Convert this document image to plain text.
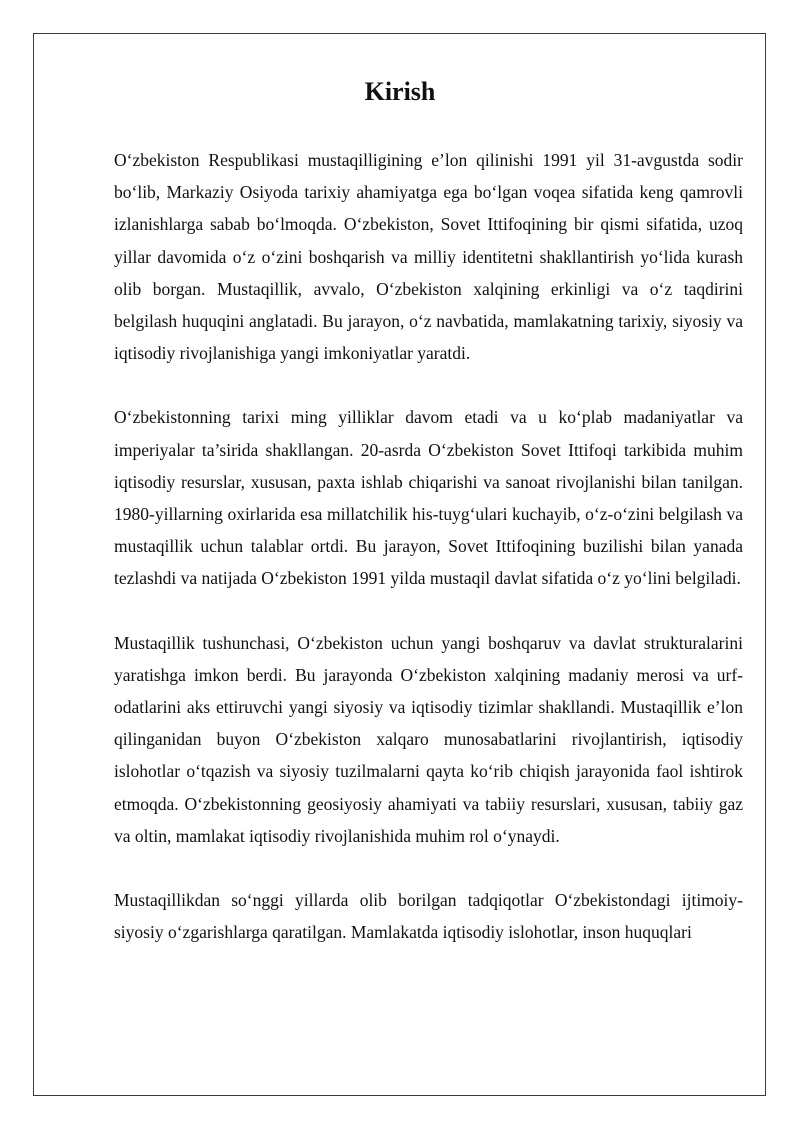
Kirish

O‘zbekiston Respublikasi mustaqilligining e’lon qilinishi 1991 yil 31-avgustda sodir bo‘lib, Markaziy Osiyoda tarixiy ahamiyatga ega bo‘lgan voqea sifatida keng qamrovli izlanishlarga sabab bo‘lmoqda. O‘zbekiston, Sovet Ittifoqining bir qismi sifatida, uzoq yillar davomida o‘z o‘zini boshqarish va milliy identitetni shakllantirish yo‘lida kurash olib borgan. Mustaqillik, avvalo, O‘zbekiston xalqining erkinligi va o‘z taqdirini belgilash huquqini anglatadi. Bu jarayon, o‘z navbatida, mamlakatning tarixiy, siyosiy va iqtisodiy rivojlanishiga yangi imkoniyatlar yaratdi.

O‘zbekistonning tarixi ming yilliklar davom etadi va u ko‘plab madaniyatlar va imperiyalar ta’sirida shakllangan. 20-asrda O‘zbekiston Sovet Ittifoqi tarkibida muhim iqtisodiy resurslar, xususan, paxta ishlab chiqarishi va sanoat rivojlanishi bilan tanilgan. 1980-yillarning oxirlarida esa millatchilik his-tuyg‘ulari kuchayib, o‘z-o‘zini belgilash va mustaqillik uchun talablar ortdi. Bu jarayon, Sovet Ittifoqining buzilishi bilan yanada tezlashdi va natijada O‘zbekiston 1991 yilda mustaqil davlat sifatida o‘z yo‘lini belgiladi.

Mustaqillik tushunchasi, O‘zbekiston uchun yangi boshqaruv va davlat strukturalarini yaratishga imkon berdi. Bu jarayonda O‘zbekiston xalqining madaniy merosi va urf-odatlarini aks ettiruvchi yangi siyosiy va iqtisodiy tizimlar shakllandi. Mustaqillik e’lon qilinganidan buyon O‘zbekiston xalqaro munosabatlarini rivojlantirish, iqtisodiy islohotlar o‘tqazish va siyosiy tuzilmalarni qayta ko‘rib chiqish jarayonida faol ishtirok etmoqda. O‘zbekistonning geosiyosiy ahamiyati va tabiiy resurslari, xususan, tabiiy gaz va oltin, mamlakat iqtisodiy rivojlanishida muhim rol o‘ynaydi.

Mustaqillikdan so‘nggi yillarda olib borilgan tadqiqotlar O‘zbekistondagi ijtimoiy-siyosiy o‘zgarishlarga qaratilgan. Mamlakatda iqtisodiy islohotlar, inson huquqlari
